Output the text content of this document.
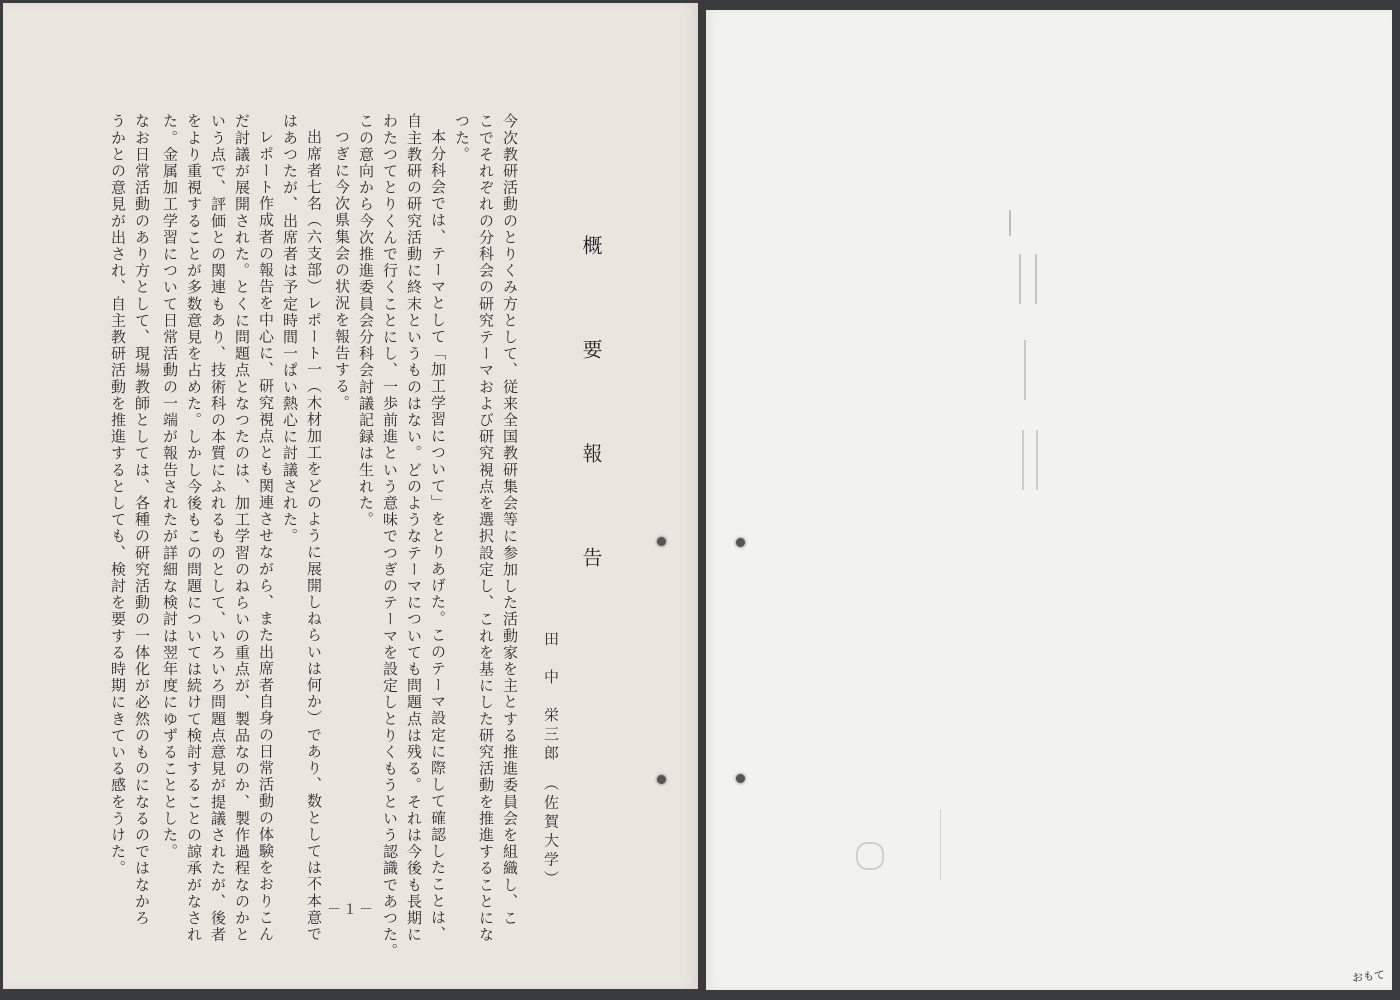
概　要　報　告
田　中　栄三郎　（佐賀大学）
今次教研活動のとりくみ方として、従来全国教研集会等に参加した活動家を主とする推進委員会を組織し、こ
こでそれぞれの分科会の研究テーマおよび研究視点を選択設定し、これを基にした研究活動を推進することにな
つた。
本分科会では、テーマとして「加工学習について」をとりあげた。このテーマ設定に際して確認したことは、
自主教研の研究活動に終末というものはない。どのようなテーマについても問題点は残る。それは今後も長期に
わたつてとりくんで行くことにし、一歩前進という意味でつぎのテーマを設定しとりくもうという認識であつた。
この意向から今次推進委員会分科会討議記録は生れた。
つぎに今次県集会の状況を報告する。
出席者七名（六支部）レポート一（木材加工をどのように展開しねらいは何か）であり、数としては不本意で
はあつたが、出席者は予定時間一ぱい熱心に討議された。
レポート作成者の報告を中心に、研究視点とも関連させながら、また出席者自身の日常活動の体験をおりこん
だ討議が展開された。とくに問題点となつたのは、加工学習のねらいの重点が、製品なのか、製作過程なのかと
いう点で、評価との関連もあり、技術科の本質にふれるものとして、いろいろ問題点意見が提議されたが、後者
をより重視することが多数意見を占めた。しかし今後もこの問題については続けて検討することの諒承がなされ
た。金属加工学習について日常活動の一端が報告されたが詳細な検討は翌年度にゆずることとした。
なお日常活動のあり方として、現場教師としては、各種の研究活動の一体化が必然のものになるのではなかろ
うかとの意見が出され、自主教研活動を推進するとしても、検討を要する時期にきている感をうけた。
－１－
おもて
